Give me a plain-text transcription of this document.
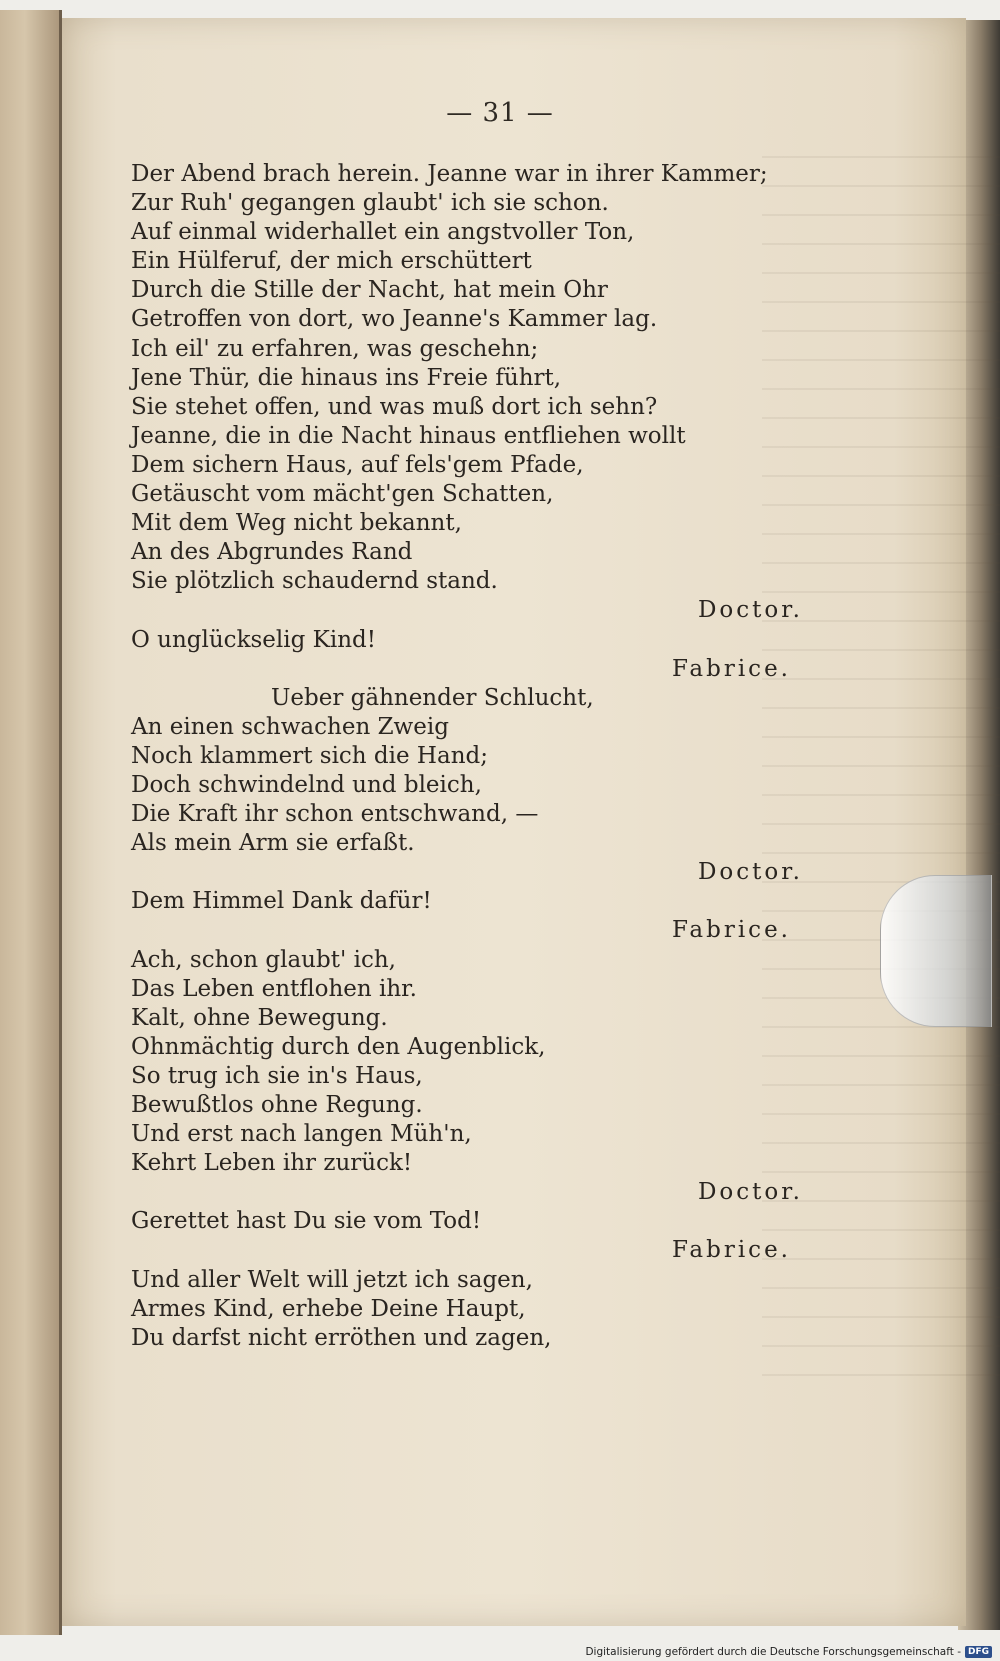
— 31 —
Der Abend brach herein. Jeanne war in ihrer Kammer;
Zur Ruh' gegangen glaubt' ich sie schon.
Auf einmal widerhallet ein angstvoller Ton,
Ein Hülferuf, der mich erschüttert
Durch die Stille der Nacht, hat mein Ohr
Getroffen von dort, wo Jeanne's Kammer lag.
Ich eil' zu erfahren, was geschehn;
Jene Thür, die hinaus ins Freie führt,
Sie stehet offen, und was muß dort ich sehn?
Jeanne, die in die Nacht hinaus entfliehen wollt
Dem sichern Haus, auf fels'gem Pfade,
Getäuscht vom mächt'gen Schatten,
Mit dem Weg nicht bekannt,
An des Abgrundes Rand
Sie plötzlich schaudernd stand.
Doctor.
O unglückselig Kind!
Fabrice.
Ueber gähnender Schlucht,
An einen schwachen Zweig
Noch klammert sich die Hand;
Doch schwindelnd und bleich,
Die Kraft ihr schon entschwand, —
Als mein Arm sie erfaßt.
Doctor.
Dem Himmel Dank dafür!
Fabrice.
Ach, schon glaubt' ich,
Das Leben entflohen ihr.
Kalt, ohne Bewegung.
Ohnmächtig durch den Augenblick,
So trug ich sie in's Haus,
Bewußtlos ohne Regung.
Und erst nach langen Müh'n,
Kehrt Leben ihr zurück!
Doctor.
Gerettet hast Du sie vom Tod!
Fabrice.
Und aller Welt will jetzt ich sagen,
Armes Kind, erhebe Deine Haupt,
Du darfst nicht erröthen und zagen,
Digitalisierung gefördert durch die Deutsche Forschungsgemeinschaft - DFG
